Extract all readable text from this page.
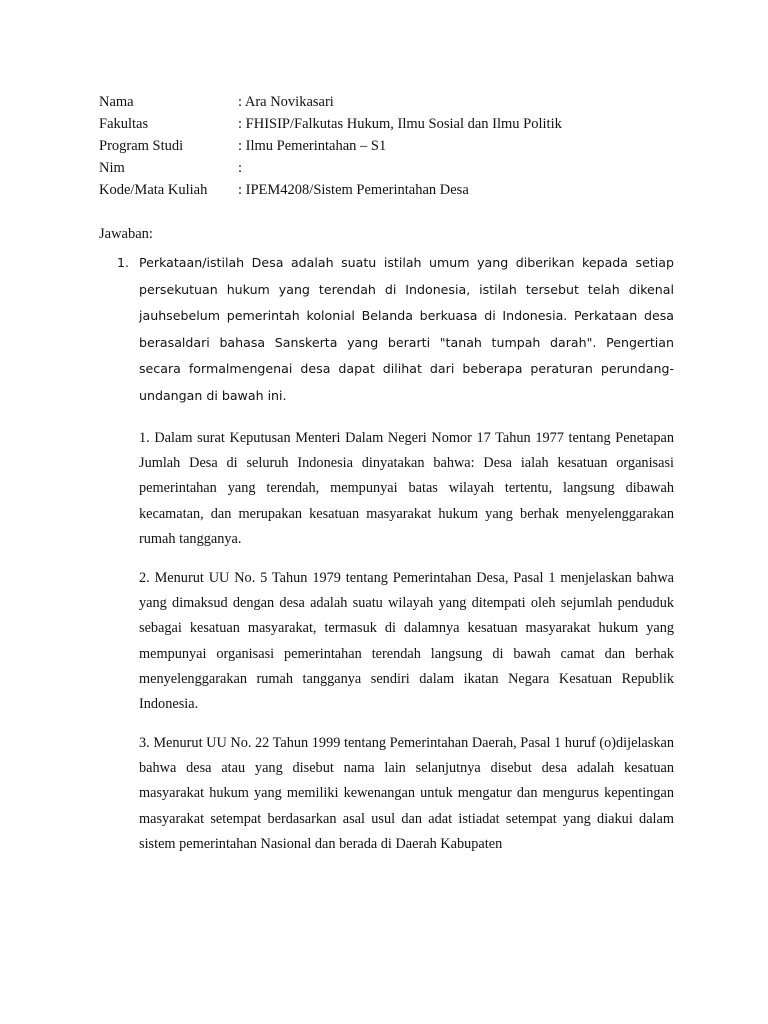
Nama	: Ara Novikasari
Fakultas	: FHISIP/Falkutas Hukum, Ilmu Sosial dan Ilmu Politik
Program Studi	: Ilmu Pemerintahan – S1
Nim	:
Kode/Mata Kuliah	: IPEM4208/Sistem Pemerintahan Desa
Jawaban:
1. Perkataan/istilah Desa adalah suatu istilah umum yang diberikan kepada setiap persekutuan hukum yang terendah di Indonesia, istilah tersebut telah dikenal jauhsebelum pemerintah kolonial Belanda berkuasa di Indonesia. Perkataan desa berasaldari bahasa Sanskerta yang berarti "tanah tumpah darah". Pengertian secara formalmengenai desa dapat dilihat dari beberapa peraturan perundang-undangan di bawah ini.
1. Dalam surat Keputusan Menteri Dalam Negeri Nomor 17 Tahun 1977 tentang Penetapan Jumlah Desa di seluruh Indonesia dinyatakan bahwa: Desa ialah kesatuan organisasi pemerintahan yang terendah, mempunyai batas wilayah tertentu, langsung dibawah kecamatan, dan merupakan kesatuan masyarakat hukum yang berhak menyelenggarakan rumah tangganya.
2. Menurut UU No. 5 Tahun 1979 tentang Pemerintahan Desa, Pasal 1 menjelaskan bahwa yang dimaksud dengan desa adalah suatu wilayah yang ditempati oleh sejumlah penduduk sebagai kesatuan masyarakat, termasuk di dalamnya kesatuan masyarakat hukum yang mempunyai organisasi pemerintahan terendah langsung di bawah camat dan berhak menyelenggarakan rumah tangganya sendiri dalam ikatan Negara Kesatuan Republik Indonesia.
3. Menurut UU No. 22 Tahun 1999 tentang Pemerintahan Daerah, Pasal 1 huruf (o)dijelaskan bahwa desa atau yang disebut nama lain selanjutnya disebut desa adalah kesatuan masyarakat hukum yang memiliki kewenangan untuk mengatur dan mengurus kepentingan masyarakat setempat berdasarkan asal usul dan adat istiadat setempat yang diakui dalam sistem pemerintahan Nasional dan berada di Daerah Kabupaten
